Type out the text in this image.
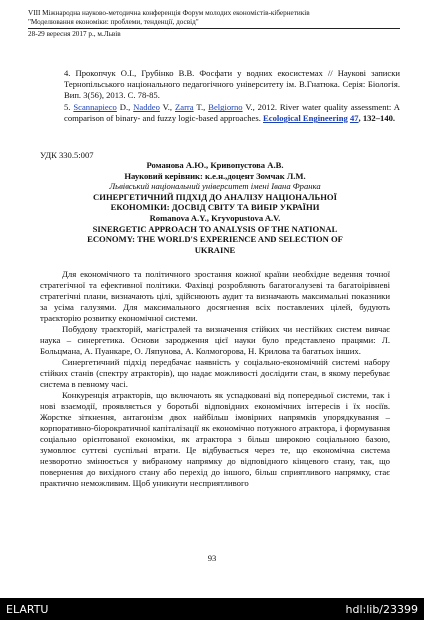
VIII Міжнародна науково-методична конференція Форум молодих економістів-кібернетиків
"Моделювання економіки: проблеми, тенденції, досвід"
28-29 вересня 2017 р., м.Львів

4. Прокопчук О.І., Грубінко В.В. Фосфати у водних екосистемах // Наукові записки Тернопільського національного педагогічного університету ім. В.Гнатюка. Серія: Біологія. Вип. 3(56), 2013. С. 78-85.

5. Scannapieco D., Naddeo V., Zarra T., Belgiorno V., 2012. River water quality assessment: A comparison of binary- and fuzzy logic-based approaches. Ecological Engineering 47, 132–140.

УДК 330.5:007
Романова А.Ю., Кривопустова А.В.
Науковий керівник: к.е.н.,доцент Зомчак Л.М.
Львівський національний університет імені Івана Франка
СИНЕРГЕТИЧНИЙ ПІДХІД ДО АНАЛІЗУ НАЦІОНАЛЬНОЇ
ЕКОНОМІКИ: ДОСВІД СВІТУ ТА ВИБІР УКРАЇНИ
Romanova A.Y., Kryvopustova A.V.
SINERGETIC APPROACH TO ANALYSIS OF THE NATIONAL
ECONOMY: THE WORLD'S EXPERIENCE AND SELECTION OF
UKRAINE

Для економічного та політичного зростання кожної країни необхідне ведення точної стратегічної та ефективної політики. Фахівці розробляють багатогалузеві та багатоірівневі стратегічні плани, визначають цілі, здійснюють аудит та визначають максимальні показники за усіма галузями. Для максимального досягнення всіх поставлених цілей, будують траєкторію розвитку економічної системи.

Побудову траєкторій, магістралей та визначення стійких чи нестійких систем вивчає наука – синергетика. Основи зародження цієї науки було представлено працями: Л. Больцмана, А. Пуанкаре, О. Ляпунова, А. Колмогорова, Н. Крилова та багатьох інших.

Синергетичний підхід передбачає наявність у соціально-економічній системі набору стійких станів (спектру атракторів), що надає можливості дослідити стан, в якому перебуває система в певному часі.

Конкуренція атракторів, що включають як успадковані від попередньої системи, так і нові взаємодії, проявляється у боротьбі відповідних економічних інтересів і їх носіїв. Жорстке зіткнення, антагонізм двох найбільш імовірних напрямків упорядкування – корпоративно-біорократичної капіталізації як економічно потужного атрактора, і формування соціально орієнтованої економіки, як атрактора з більш широкою соціальною базою, зумовлює суттєві суспільні втрати. Це відбувається через те, що економічна система незворотно змінюється у вибраному напрямку до відповідного кінцевого стану, так, що повернення до вихідного стану або перехід до іншого, більш сприятливого напрямку, стає практично неможливим. Щоб уникнути несприятливого

93
ELARTU	hdl:lib/23399
